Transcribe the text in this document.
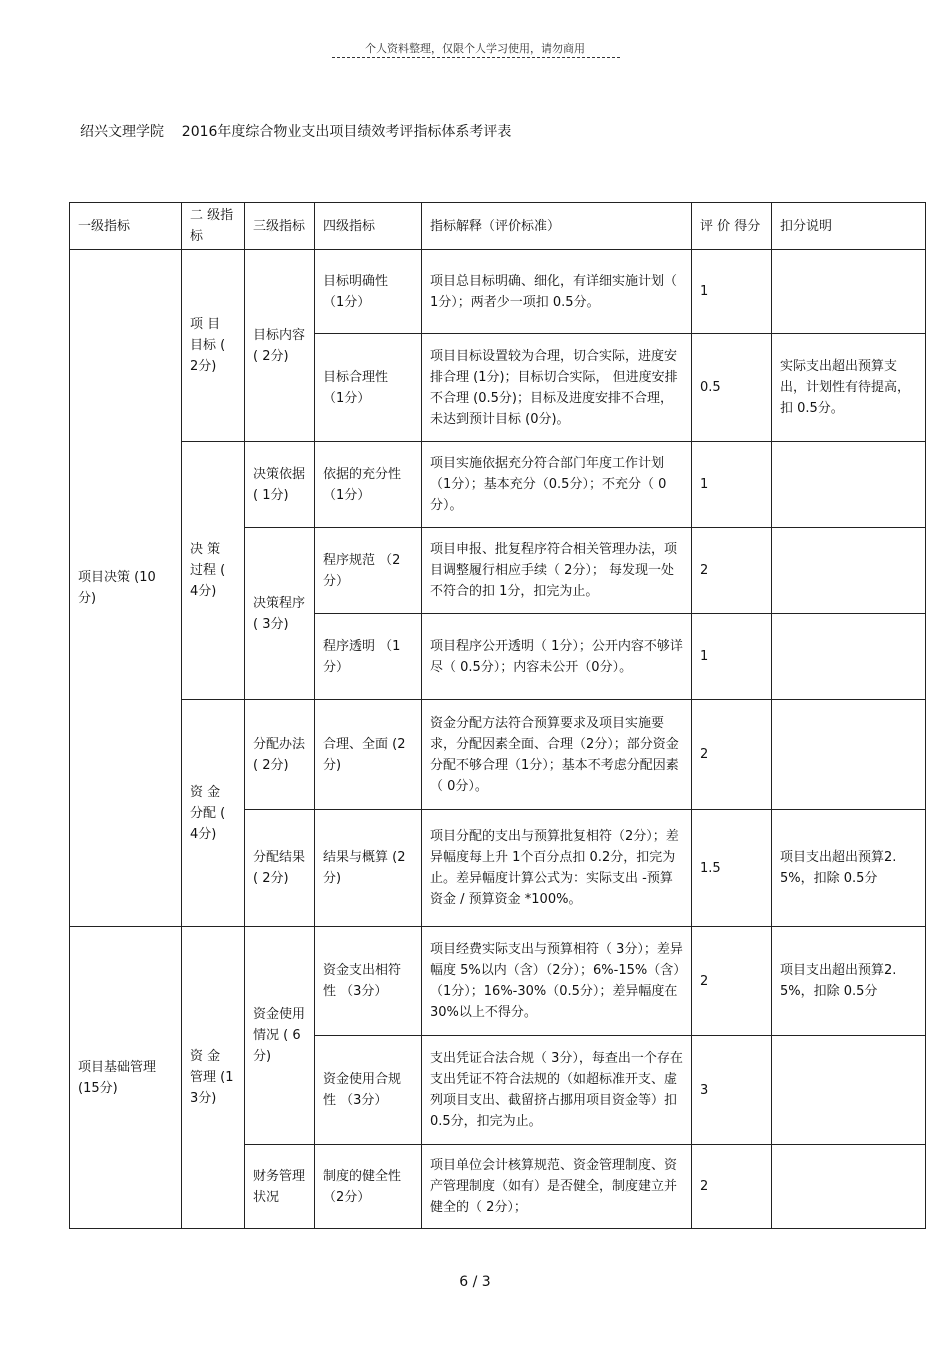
个人资料整理，仅限个人学习使用，请勿商用
绍兴文理学院    2016年度综合物业支出项目绩效考评指标体系考评表
一级指标	二 级指标	三级指标	四级指标	指标解释（评价标准）	评 价 得分	扣分说明
项目决策 (10分)	项 目 目标 ( 2分)	目标内容 ( 2分)	目标明确性 （1分）	项目总目标明确、细化，有详细实施计划（ 1分）；两者少一项扣 0.5分。	1	
			目标合理性 （1分）	项目目标设置较为合理，切合实际，进度安排合理 (1分)；目标切合实际， 但进度安排不合理 (0.5分)；目标及进度安排不合理，未达到预计目标 (0分)。	0.5	实际支出超出预算支出，计划性有待提高，扣 0.5分。
	决 策 过程 ( 4分)	决策依据 ( 1分)	依据的充分性 （1分）	项目实施依据充分符合部门年度工作计划（1分）；基本充分（0.5分）；不充分（ 0分）。	1	
		决策程序 ( 3分)	程序规范 （2分）	项目申报、批复程序符合相关管理办法，项目调整履行相应手续（ 2分）； 每发现一处不符合的扣 1分，扣完为止。	2	
			程序透明 （1分）	项目程序公开透明（ 1分）；公开内容不够详尽（ 0.5分）；内容未公开（0分）。	1	
	资 金 分配 ( 4分)	分配办法 ( 2分)	合理、全面 (2分)	资金分配方法符合预算要求及项目实施要求，分配因素全面、合理（2分）；部分资金分配不够合理（1分）；基本不考虑分配因素（ 0分）。	2	
		分配结果 ( 2分)	结果与概算 (2分)	项目分配的支出与预算批复相符（2分）；差异幅度每上升 1个百分点扣 0.2分，扣完为止。差异幅度计算公式为：实际支出 -预算资金 / 预算资金 *100%。	1.5	项目支出超出预算2.5%，扣除 0.5分
项目基础管理 (15分)	资 金 管理 (13分)	资金使用情况 ( 6分)	资金支出相符性 （3分）	项目经费实际支出与预算相符（ 3分）；差异幅度 5%以内（含）（2分）；6%-15%（含）（1分）；16%-30%（0.5分）；差异幅度在 30%以上不得分。	2	项目支出超出预算2.5%，扣除 0.5分
			资金使用合规性 （3分）	支出凭证合法合规（ 3分），每查出一个存在支出凭证不符合法规的（如超标准开支、虚列项目支出、截留挤占挪用项目资金等）扣 0.5分，扣完为止。	3	
		财务管理 状况	制度的健全性 （2分）	项目单位会计核算规范、资金管理制度、资产管理制度（如有）是否健全，制度建立并健全的（ 2分）；	2	
6 / 3
